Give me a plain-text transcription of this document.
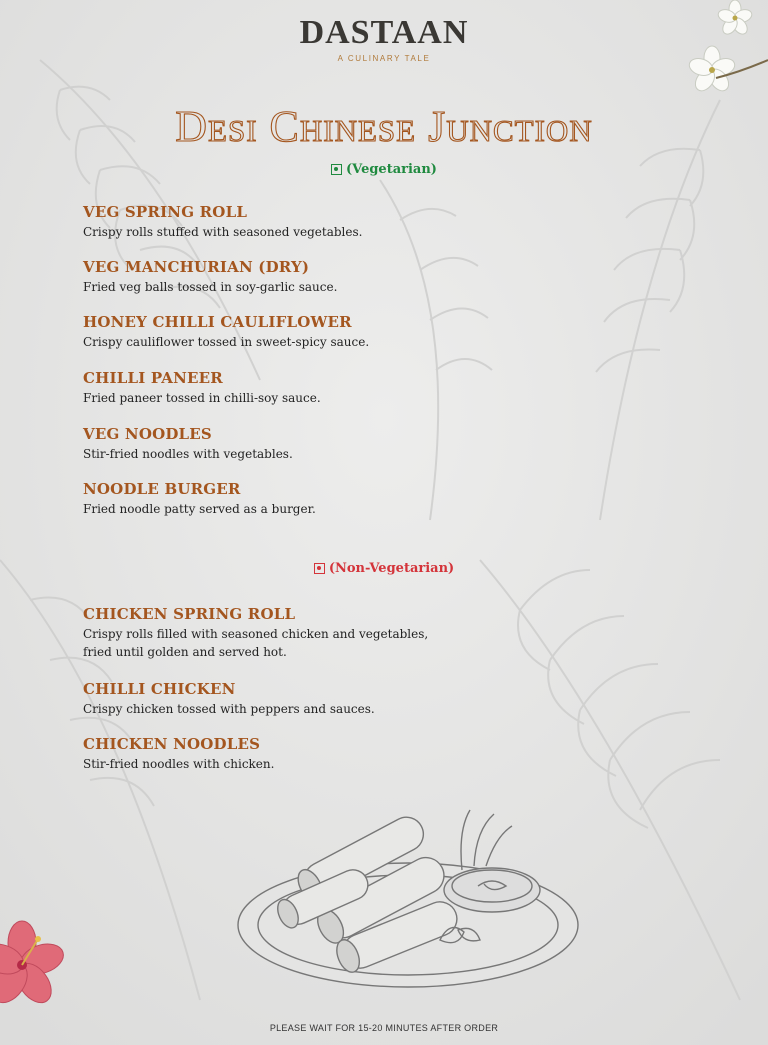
DASTAAN
A CULINARY TALE
Desi Chinese Junction
(Vegetarian)
VEG SPRING ROLL
Crispy rolls stuffed with seasoned vegetables.
VEG MANCHURIAN (DRY)
Fried veg balls tossed in soy-garlic sauce.
HONEY CHILLI CAULIFLOWER
Crispy cauliflower tossed in sweet-spicy sauce.
CHILLI PANEER
Fried paneer tossed in chilli-soy sauce.
VEG NOODLES
Stir-fried noodles with vegetables.
NOODLE BURGER
Fried noodle patty served as a burger.
(Non-Vegetarian)
CHICKEN SPRING ROLL
Crispy rolls filled with seasoned chicken and vegetables,
fried until golden and served hot.
CHILLI CHICKEN
Crispy chicken tossed with peppers and sauces.
CHICKEN NOODLES
Stir-fried noodles with chicken.
PLEASE WAIT FOR 15-20 MINUTES AFTER ORDER
